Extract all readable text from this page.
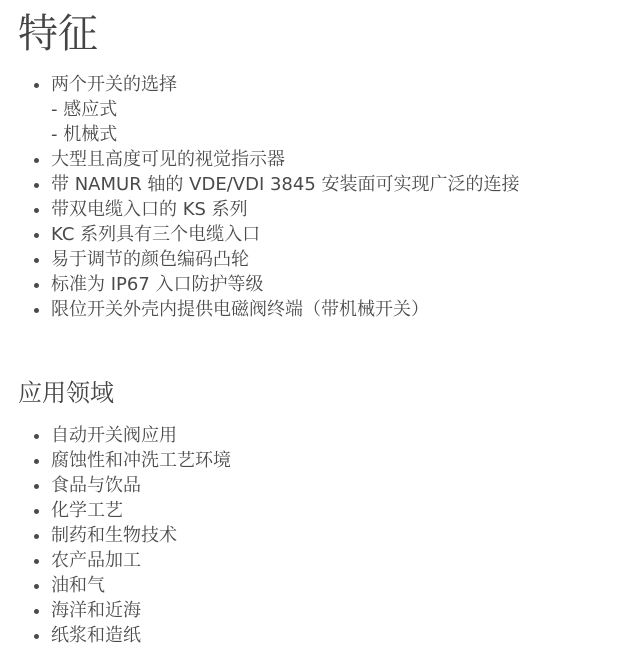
特征
• 两个开关的选择
- 感应式
- 机械式
• 大型且高度可见的视觉指示器
• 带 NAMUR 轴的 VDE/VDI 3845 安装面可实现广泛的连接
• 带双电缆入口的 KS 系列
• KC 系列具有三个电缆入口
• 易于调节的颜色编码凸轮
• 标准为 IP67 入口防护等级
• 限位开关外壳内提供电磁阀终端（带机械开关）
应用领域
• 自动开关阀应用
• 腐蚀性和冲洗工艺环境
• 食品与饮品
• 化学工艺
• 制药和生物技术
• 农产品加工
• 油和气
• 海洋和近海
• 纸浆和造纸
